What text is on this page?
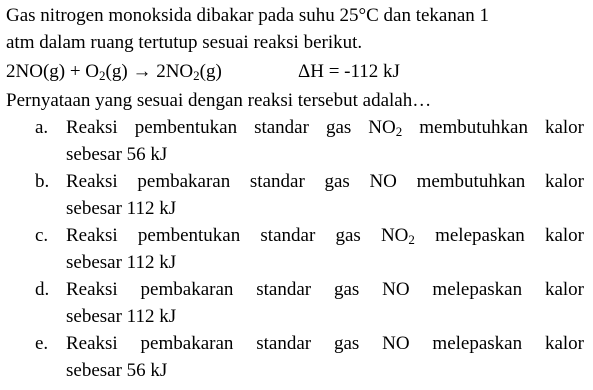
Gas nitrogen monoksida dibakar pada suhu 25°C dan tekanan 1

atm dalam ruang tertutup sesuai reaksi berikut.

$2NO(g) + O_2(g) \to 2NO_2(g)$	ΔH = -112 kJ

Pernyataan yang sesuai dengan reaksi tersebut adalah…

a. Reaksi pembentukan standar gas $NO_2$ membutuhkan kalor
sebesar 56 kJ
b. Reaksi pembakaran standar gas NO membutuhkan kalor
sebesar 112 kJ
c. Reaksi pembentukan standar gas $NO_2$ melepaskan kalor
sebesar 112 kJ
d. Reaksi pembakaran standar gas NO melepaskan kalor
sebesar 112 kJ
e. Reaksi pembakaran standar gas NO melepaskan kalor
sebesar 56 kJ
